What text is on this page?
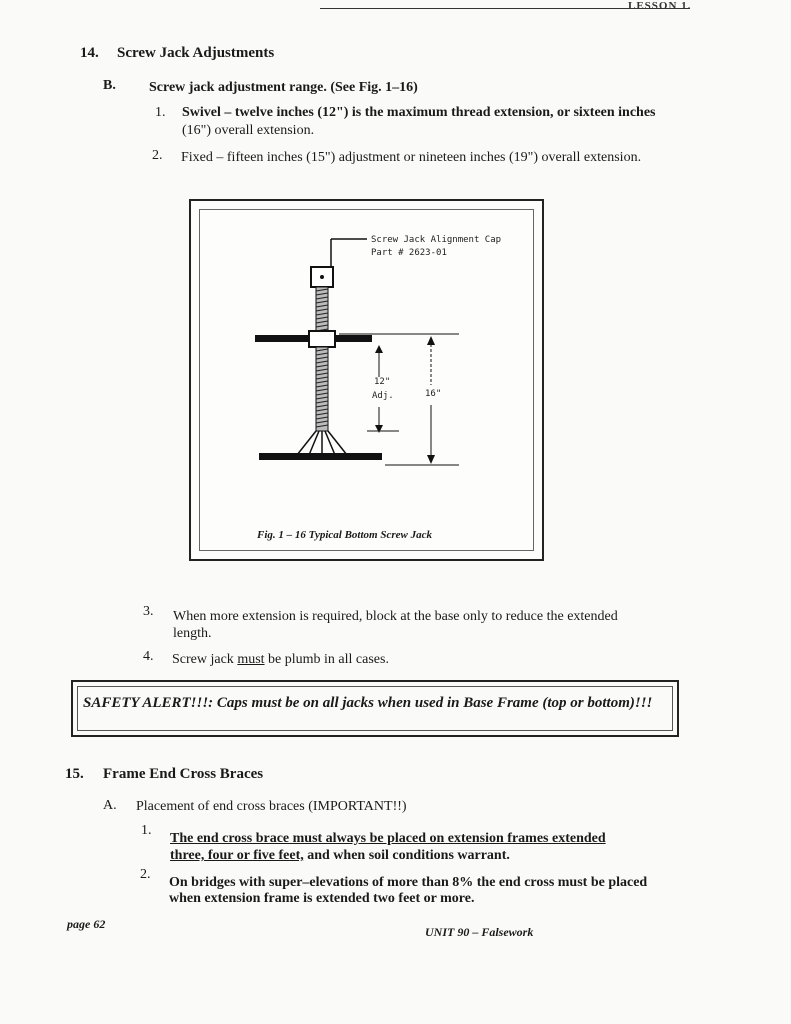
LESSON 1.
14. Screw Jack Adjustments
B. Screw jack adjustment range. (See Fig. 1–16)
1. Swivel – twelve inches (12") is the maximum thread extension, or sixteen inches
(16") overall extension.
2. Fixed – fifteen inches (15") adjustment or nineteen inches (19") overall extension.
Screw Jack Alignment Cap
Part # 2623-01
12"
Adj.	16"
Fig. 1 – 16 Typical Bottom Screw Jack
3. When more extension is required, block at the base only to reduce the extended
length.
4. Screw jack must be plumb in all cases.
SAFETY ALERT!!!: Caps must be on all jacks when used in Base Frame (top or bottom)!!!
15. Frame End Cross Braces
A. Placement of end cross braces (IMPORTANT!!)
1.
The end cross brace must always be placed on extension frames extended
three, four or five feet, and when soil conditions warrant.
2.
On bridges with super–elevations of more than 8% the end cross must be placed
when extension frame is extended two feet or more.
page 62
UNIT 90 – Falsework
